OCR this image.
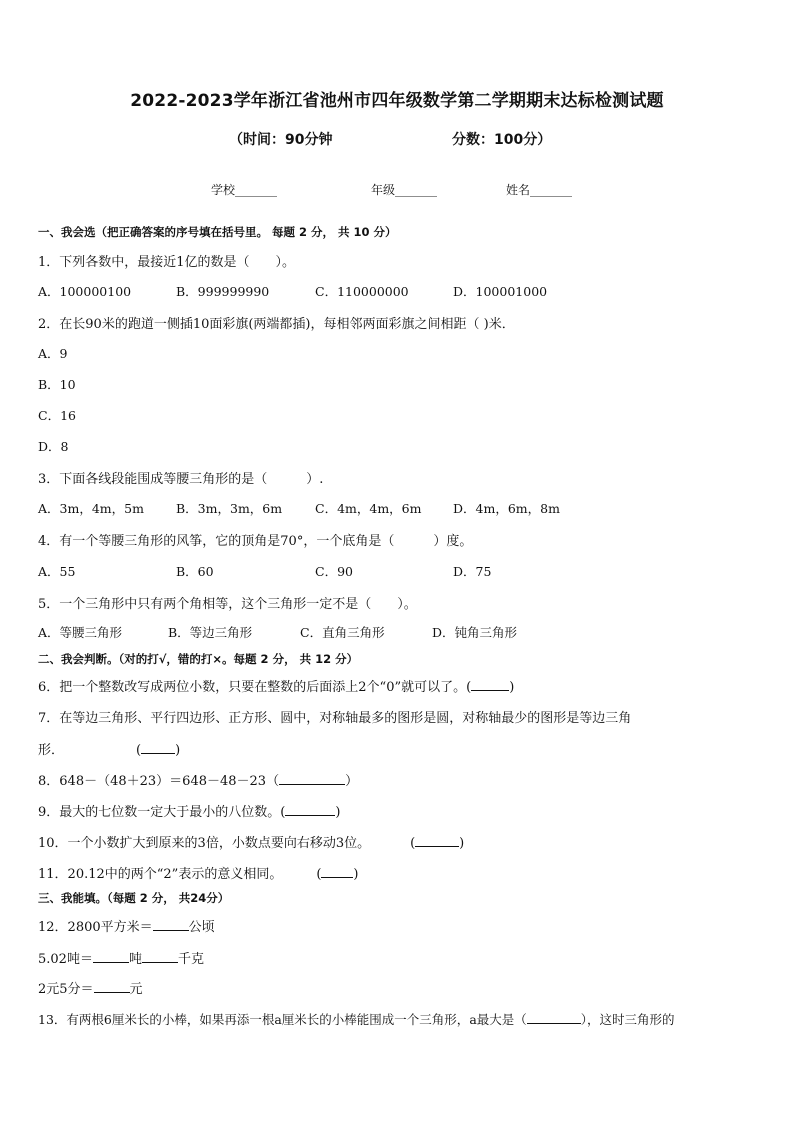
2022-2023学年浙江省池州市四年级数学第二学期期末达标检测试题
（时间：90分钟	分数：100分）
学校_______	年级_______	姓名_______
一、我会选（把正确答案的序号填在括号里。 每题 2 分， 共 10 分）
1．下列各数中，最接近1亿的数是（　　）。
A．100000100	B．999999990	C．110000000	D．100001000
2．在长90米的跑道一侧插10面彩旗(两端都插)，每相邻两面彩旗之间相距（ )米．
A．9
B．10
C．16
D．8
3．下面各线段能围成等腰三角形的是（　　　）.
A．3m，4m，5m	B．3m，3m，6m	C．4m，4m，6m	D．4m，6m，8m
4．有一个等腰三角形的风筝，它的顶角是70°，一个底角是（　　　）度。
A．55	B．60	C．90	D．75
5．一个三角形中只有两个角相等，这个三角形一定不是（　　）。
A．等腰三角形	B．等边三角形	C．直角三角形	D．钝角三角形
二、我会判断。（对的打√，错的打×。每题 2 分， 共 12 分）
6．把一个整数改写成两位小数，只要在整数的后面添上2个“0”就可以了。(	)
7．在等边三角形、平行四边形、正方形、圆中，对称轴最多的图形是圆，对称轴最少的图形是等边三角
形．	(	)
8．648－（48＋23）＝648－48－23（	）
9．最大的七位数一定大于最小的八位数。(	)
10．一个小数扩大到原来的3倍，小数点要向右移动3位。	(	)
11．20.12中的两个“2”表示的意义相同。	( )
三、我能填。（每题 2 分， 共24分）
12．2800平方米＝	公顷
5.02吨＝	吨	千克
2元5分＝	元
13．有两根6厘米长的小棒，如果再添一根a厘米长的小棒能围成一个三角形，a最大是（	），这时三角形的
